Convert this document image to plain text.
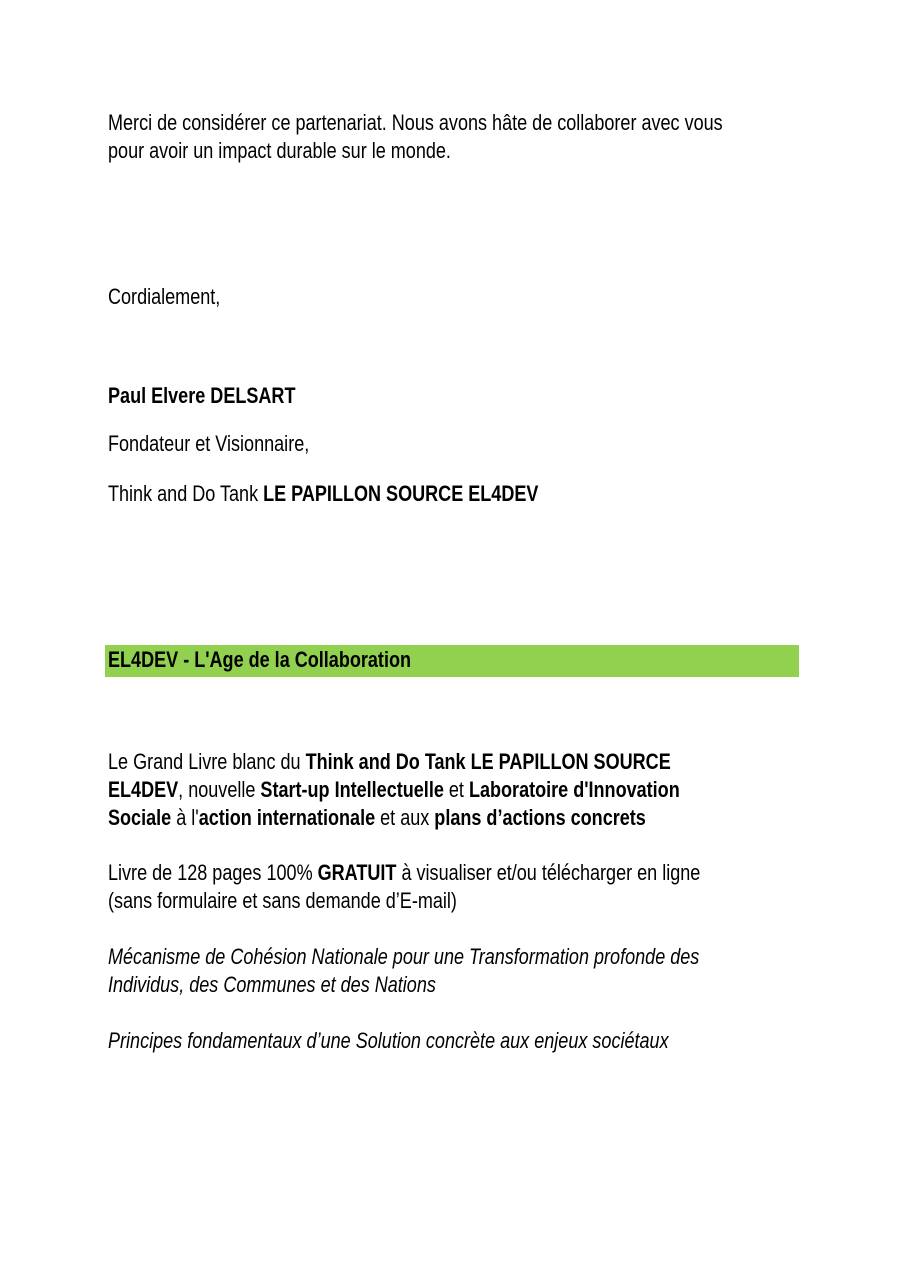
Merci de considérer ce partenariat. Nous avons hâte de collaborer avec vous
pour avoir un impact durable sur le monde.
Cordialement,
Paul Elvere DELSART
Fondateur et Visionnaire,
Think and Do Tank LE PAPILLON SOURCE EL4DEV
EL4DEV - L'Age de la Collaboration
Le Grand Livre blanc du Think and Do Tank LE PAPILLON SOURCE
EL4DEV, nouvelle Start-up Intellectuelle et Laboratoire d'Innovation
Sociale à l'action internationale et aux plans d’actions concrets
Livre de 128 pages 100% GRATUIT à visualiser et/ou télécharger en ligne
(sans formulaire et sans demande d’E-mail)
Mécanisme de Cohésion Nationale pour une Transformation profonde des
Individus, des Communes et des Nations
Principes fondamentaux d’une Solution concrète aux enjeux sociétaux
